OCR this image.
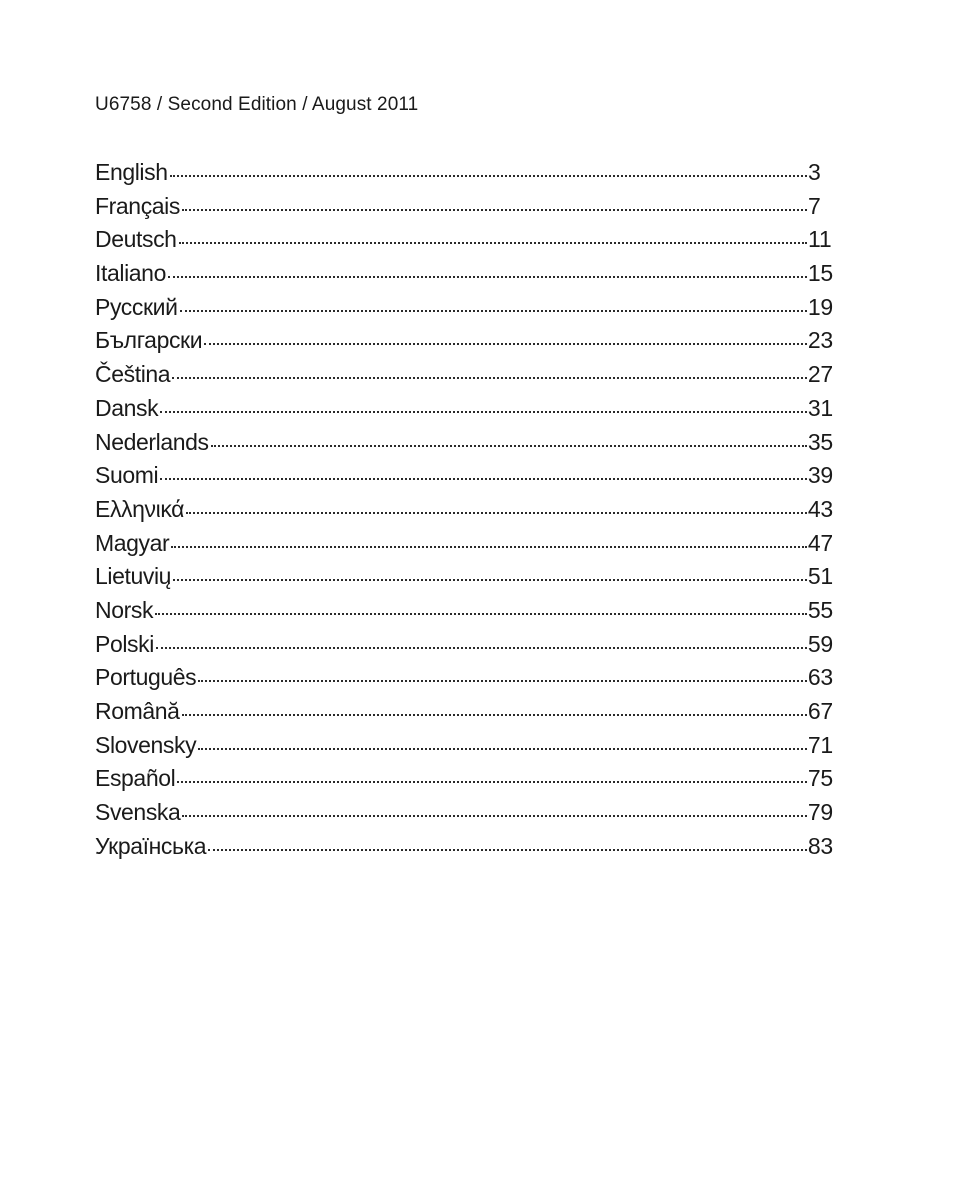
U6758 / Second Edition / August 2011
English	3
Français	7
Deutsch	11
Italiano	15
Русский	19
Български	23
Čeština	27
Dansk	31
Nederlands	35
Suomi	39
Ελληνικά	43
Magyar	47
Lietuvių	51
Norsk	55
Polski	59
Português	63
Română	67
Slovensky	71
Español	75
Svenska	79
Українська	83
